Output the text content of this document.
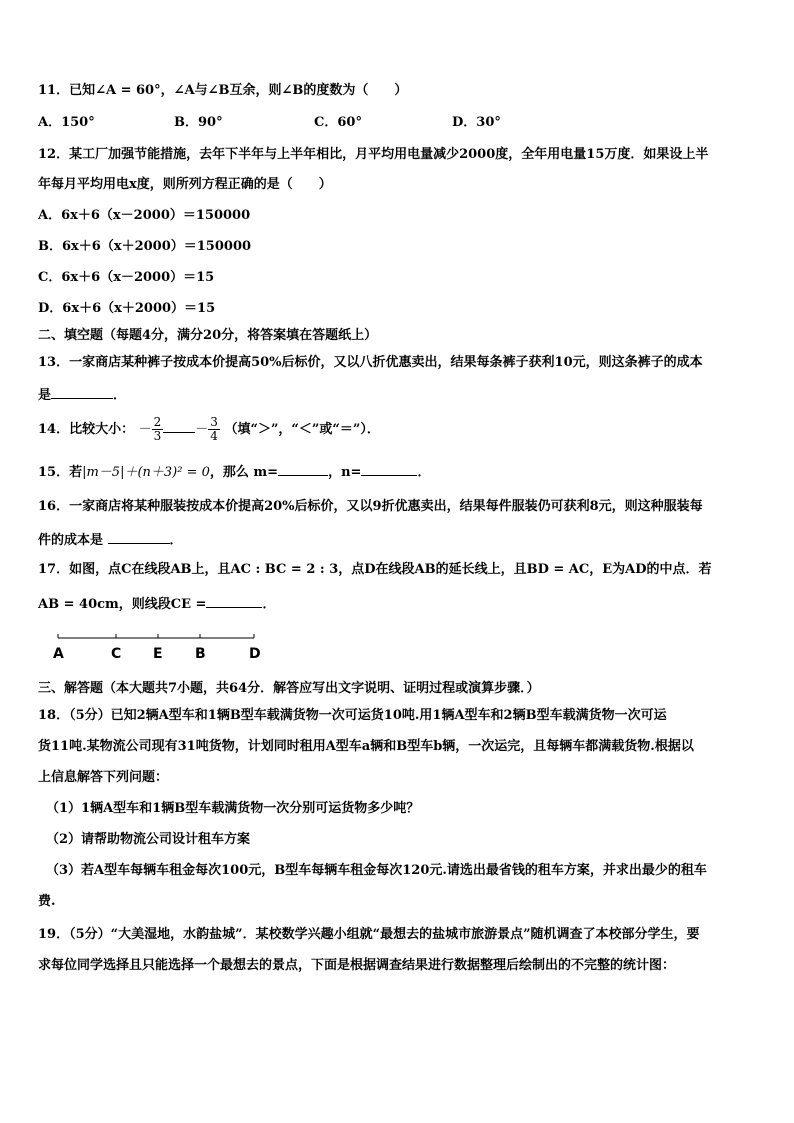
11．已知∠A = 60°，∠A与∠B互余，则∠B的度数为（　　）
A．150°	B．90°	C．60°	D．30°
12．某工厂加强节能措施，去年下半年与上半年相比，月平均用电量减少2000度，全年用电量15万度．如果设上半
年每月平均用电x度，则所列方程正确的是（　　）
A．6x＋6（x－2000）＝150000
B．6x＋6（x＋2000）＝150000
C．6x＋6（x－2000）＝15
D．6x＋6（x＋2000）＝15
二、填空题（每题4分，满分20分，将答案填在答题纸上）
13．一家商店某种裤子按成本价提高50%后标价，又以八折优惠卖出，结果每条裤子获利10元，则这条裤子的成本
是	．
14．比较大小： － $\frac{2}{3} - \frac{3}{4}$ （填“＞”，“＜”或“＝”）．
15．若|m－5|＋(n＋3)² = 0，那么 m=	，n=	．
16．一家商店将某种服装按成本价提高20%后标价，又以9折优惠卖出，结果每件服装仍可获利8元，则这种服装每
件的成本是	．
17．如图，点C在线段AB上，且AC : BC = 2 : 3，点D在线段AB的延长线上，且BD = AC，E为AD的中点．若
AB = 40cm，则线段CE =	．
A	C E B	D
三、解答题（本大题共7小题，共64分．解答应写出文字说明、证明过程或演算步骤．）
18．（5分）已知2辆A型车和1辆B型车载满货物一次可运货10吨.用1辆A型车和2辆B型车载满货物一次可运
货11吨.某物流公司现有31吨货物，计划同时租用A型车a辆和B型车b辆，一次运完，且每辆车都满载货物.根据以
上信息解答下列问题：
（1）1辆A型车和1辆B型车载满货物一次分别可运货物多少吨？
（2）请帮助物流公司设计租车方案
（3）若A型车每辆车租金每次100元，B型车每辆车租金每次120元.请选出最省钱的租车方案，并求出最少的租车
费.
19．（5分）“大美湿地，水韵盐城”．某校数学兴趣小组就“最想去的盐城市旅游景点”随机调查了本校部分学生，要
求每位同学选择且只能选择一个最想去的景点，下面是根据调查结果进行数据整理后绘制出的不完整的统计图：
